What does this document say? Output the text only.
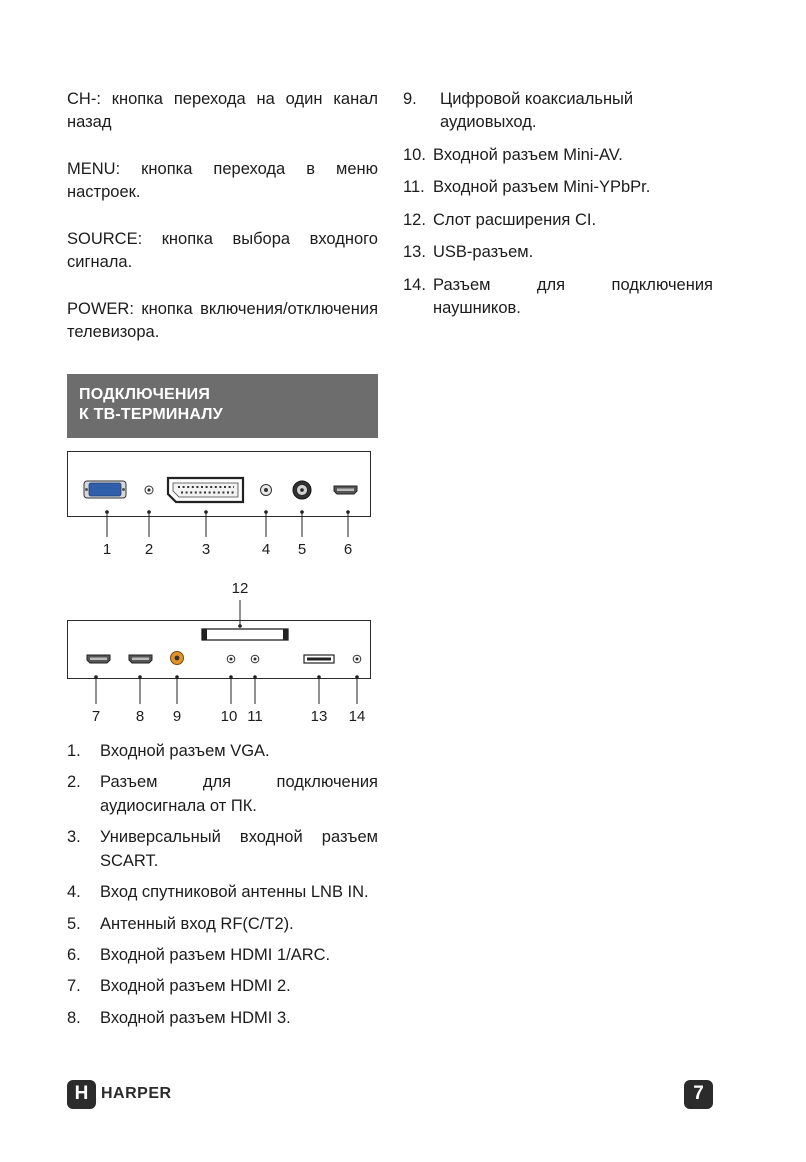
CH-: кнопка перехода на один канал назад

MENU: кнопка перехода в меню настроек.

SOURCE: кнопка выбора входного сигнала.

POWER: кнопка включения/отключения телевизора.

ПОДКЛЮЧЕНИЯ
К ТВ-ТЕРМИНАЛУ
1 2	3	4 5	6
12
7 8 9	10 11	13 14
1.	Входной разъем VGA.
2.	Разъем для подключения аудиосигнала от ПК.
3.	Универсальный входной разъем SCART.
4.	Вход спутниковой антенны LNB IN.
5.	Антенный вход RF(C/T2).
6.	Входной разъем HDMI 1/ARC.
7.	Входной разъем HDMI 2.
8.	Входной разъем HDMI 3.
9.	Цифровой коаксиальный аудиовыход.
10. Входной разъем Mini-AV.
11. Входной разъем Mini-YPbPr.
12. Слот расширения CI.
13. USB-разъем.
14. Разъем для подключения наушников.
H HARPER	7
